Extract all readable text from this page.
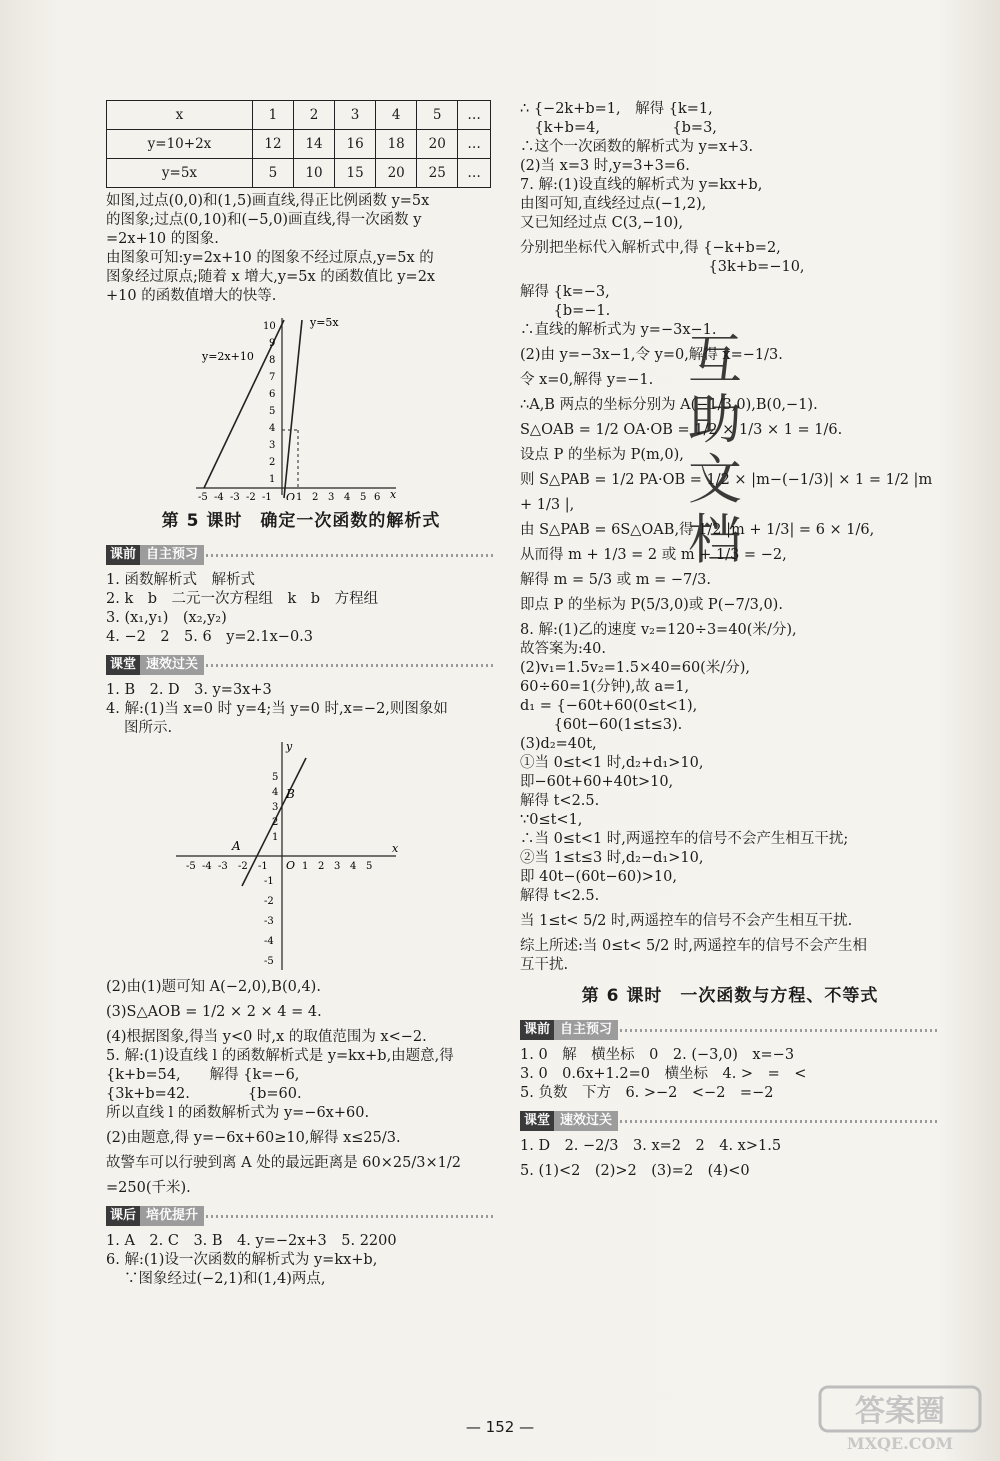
x	1	2	3	4	5	…
y=10+2x	12	14	16	18	20	…
y=5x	5	10	15	20	25	…

如图,过点(0,0)和(1,5)画直线,得正比例函数 y=5x

的图象;过点(0,10)和(−5,0)画直线,得一次函数 y

=2x+10 的图象.

由图象可知:y=2x+10 的图象不经过原点,y=5x 的

图象经过原点;随着 x 增大,y=5x 的函数值比 y=2x

+10 的函数值增大的快等.

y=5x
y=2x+10
x
O
1
2
3
4
5
6
7
8
9
10
-5 -4 -3 -2 -1 1 2 3 4 5 6
第 5 课时　确定一次函数的解析式
课前 自主预习

1. 函数解析式　解析式

2. k　b　二元一次方程组　k　b　方程组

3. (x₁,y₁)　(x₂,y₂)

4. −2　2　5. 6　y=2.1x−0.3

课堂 速效过关

1. B　2. D　3. y=3x+3

4. 解:(1)当 x=0 时 y=4;当 y=0 时,x=−2,则图象如

图所示.

A
B
x
y
O
5
4
3
2
1
-1
-2
-3
-4
-5
-5 -4 -3 -2 -1	1 2 3 4 5

(2)由(1)题可知 A(−2,0),B(0,4).

(3)S△AOB = 1/2 × 2 × 4 = 4.

(4)根据图象,得当 y<0 时,x 的取值范围为 x<−2.

5. 解:(1)设直线 l 的函数解析式是 y=kx+b,由题意,得

{k+b=54,　　解得 {k=−6,

{3k+b=42.　　　　{b=60.

所以直线 l 的函数解析式为 y=−6x+60.

(2)由题意,得 y=−6x+60≥10,解得 x≤25/3.

故警车可以行驶到离 A 处的最远距离是 60×25/3×1/2

=250(千米).

课后 培优提升

1. A　2. C　3. B　4. y=−2x+3　5. 2200

6. 解:(1)设一次函数的解析式为 y=kx+b,

∵图象经过(−2,1)和(1,4)两点,

∴ {−2k+b=1,　解得 {k=1,

　{k+b=4,　　　　　{b=3,

∴这个一次函数的解析式为 y=x+3.

(2)当 x=3 时,y=3+3=6.

7. 解:(1)设直线的解析式为 y=kx+b,

由图可知,直线经过点(−1,2),

又已知经过点 C(3,−10),

分别把坐标代入解析式中,得 {−k+b=2,

　　　　　　　　　　　　　{3k+b=−10,

解得 {k=−3,

　　 {b=−1.

∴直线的解析式为 y=−3x−1.

(2)由 y=−3x−1,令 y=0,解得 x=−1/3.

令 x=0,解得 y=−1.

∴A,B 两点的坐标分别为 A(−1/3,0),B(0,−1).

S△OAB = 1/2 OA·OB = 1/2 × 1/3 × 1 = 1/6.

设点 P 的坐标为 P(m,0),

则 S△PAB = 1/2 PA·OB = 1/2 × |m−(−1/3)| × 1 = 1/2 |m

+ 1/3 |,

由 S△PAB = 6S△OAB,得 1/2 |m + 1/3| = 6 × 1/6,

从而得 m + 1/3 = 2 或 m + 1/3 = −2,

解得 m = 5/3 或 m = −7/3.

即点 P 的坐标为 P(5/3,0)或 P(−7/3,0).

8. 解:(1)乙的速度 v₂=120÷3=40(米/分),

故答案为:40.

(2)v₁=1.5v₂=1.5×40=60(米/分),

60÷60=1(分钟),故 a=1,

d₁ = {−60t+60(0≤t<1),

　　 {60t−60(1≤t≤3).

(3)d₂=40t,

①当 0≤t<1 时,d₂+d₁>10,

即−60t+60+40t>10,

解得 t<2.5.

∵0≤t<1,

∴当 0≤t<1 时,两遥控车的信号不会产生相互干扰;

②当 1≤t≤3 时,d₂−d₁>10,

即 40t−(60t−60)>10,

解得 t<2.5.

当 1≤t< 5/2 时,两遥控车的信号不会产生相互干扰.

综上所述:当 0≤t< 5/2 时,两遥控车的信号不会产生相

互干扰.

第 6 课时　一次函数与方程、不等式
课前 自主预习

1. 0　解　横坐标　0　2. (−3,0)　x=−3

3. 0　0.6x+1.2=0　横坐标　4. >　=　<

5. 负数　下方　6. >−2　<−2　=−2

课堂 速效过关

1. D　2. −2/3　3. x=2　2　4. x>1.5

5. (1)<2　(2)>2　(3)=2　(4)<0

互
助
文
档
— 152 —	答案圈
MXQE.COM
